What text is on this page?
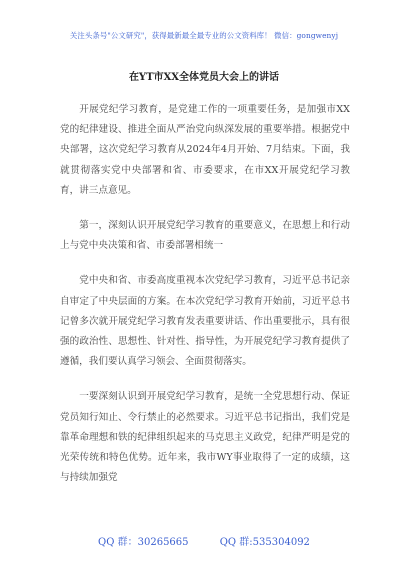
关注头条号"公文研究"，获得最新最全最专业的公文资料库！ 微信：gongwenyj
在YT市XX全体党员大会上的讲话

开展党纪学习教育，是党建工作的一项重要任务，是加强市XX党的纪律建设、推进全面从严治党向纵深发展的重要举措。根据党中央部署，这次党纪学习教育从2024年4月开始、7月结束。下面，我就贯彻落实党中央部署和省、市委要求，在市XX开展党纪学习教育，讲三点意见。

第一，深刻认识开展党纪学习教育的重要意义，在思想上和行动上与党中央决策和省、市委部署相统一

党中央和省、市委高度重视本次党纪学习教育，习近平总书记亲自审定了中央层面的方案。在本次党纪学习教育开始前，习近平总书记曾多次就开展党纪学习教育发表重要讲话、作出重要批示，具有很强的政治性、思想性、针对性、指导性，为开展党纪学习教育提供了遵循，我们要认真学习领会、全面贯彻落实。

一要深刻认识到开展党纪学习教育，是统一全党思想行动、保证党员知行知止、令行禁止的必然要求。习近平总书记指出，我们党是靠革命理想和铁的纪律组织起来的马克思主义政党，纪律严明是党的光荣传统和特色优势。近年来，我市WY事业取得了一定的成绩，这与持续加强党

QQ 群：30265665	QQ 群:535304092
